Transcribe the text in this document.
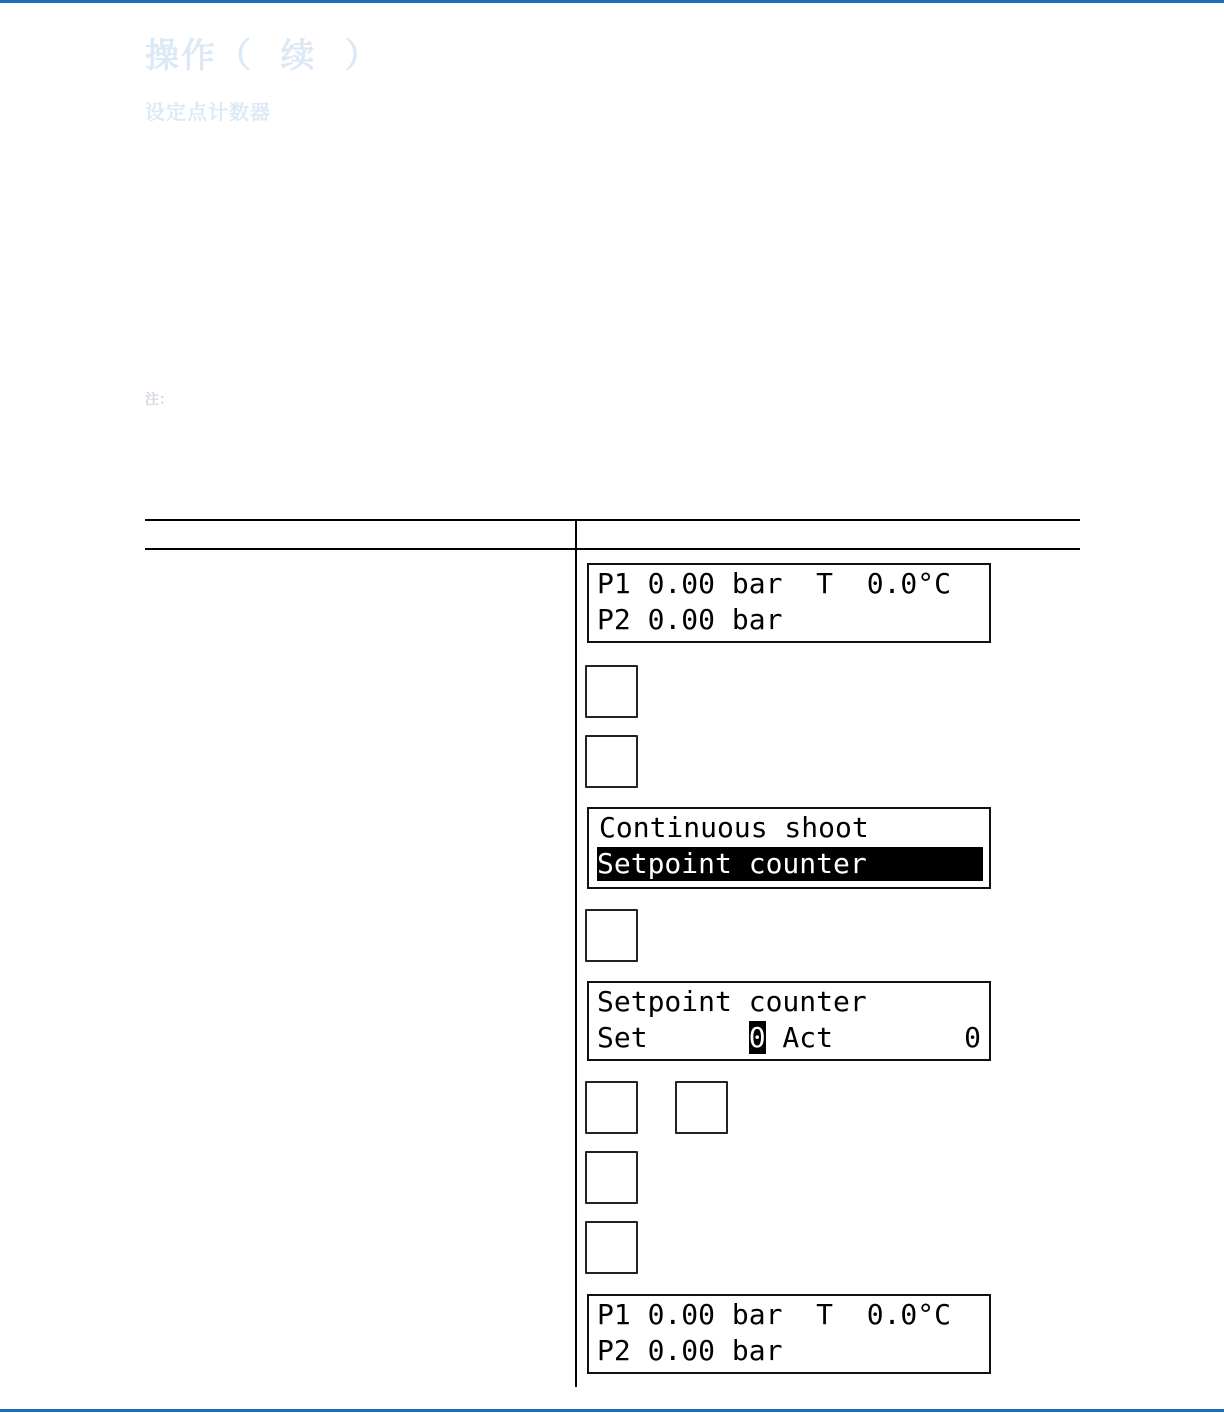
操作（  续  ）
设定点计数器
注：
P1 0.00 bar  T  0.0°C
P2 0.00 bar
Continuous shoot
Setpoint counter
Setpoint counter
Set      0 Act	0
P1 0.00 bar  T  0.0°C
P2 0.00 bar
